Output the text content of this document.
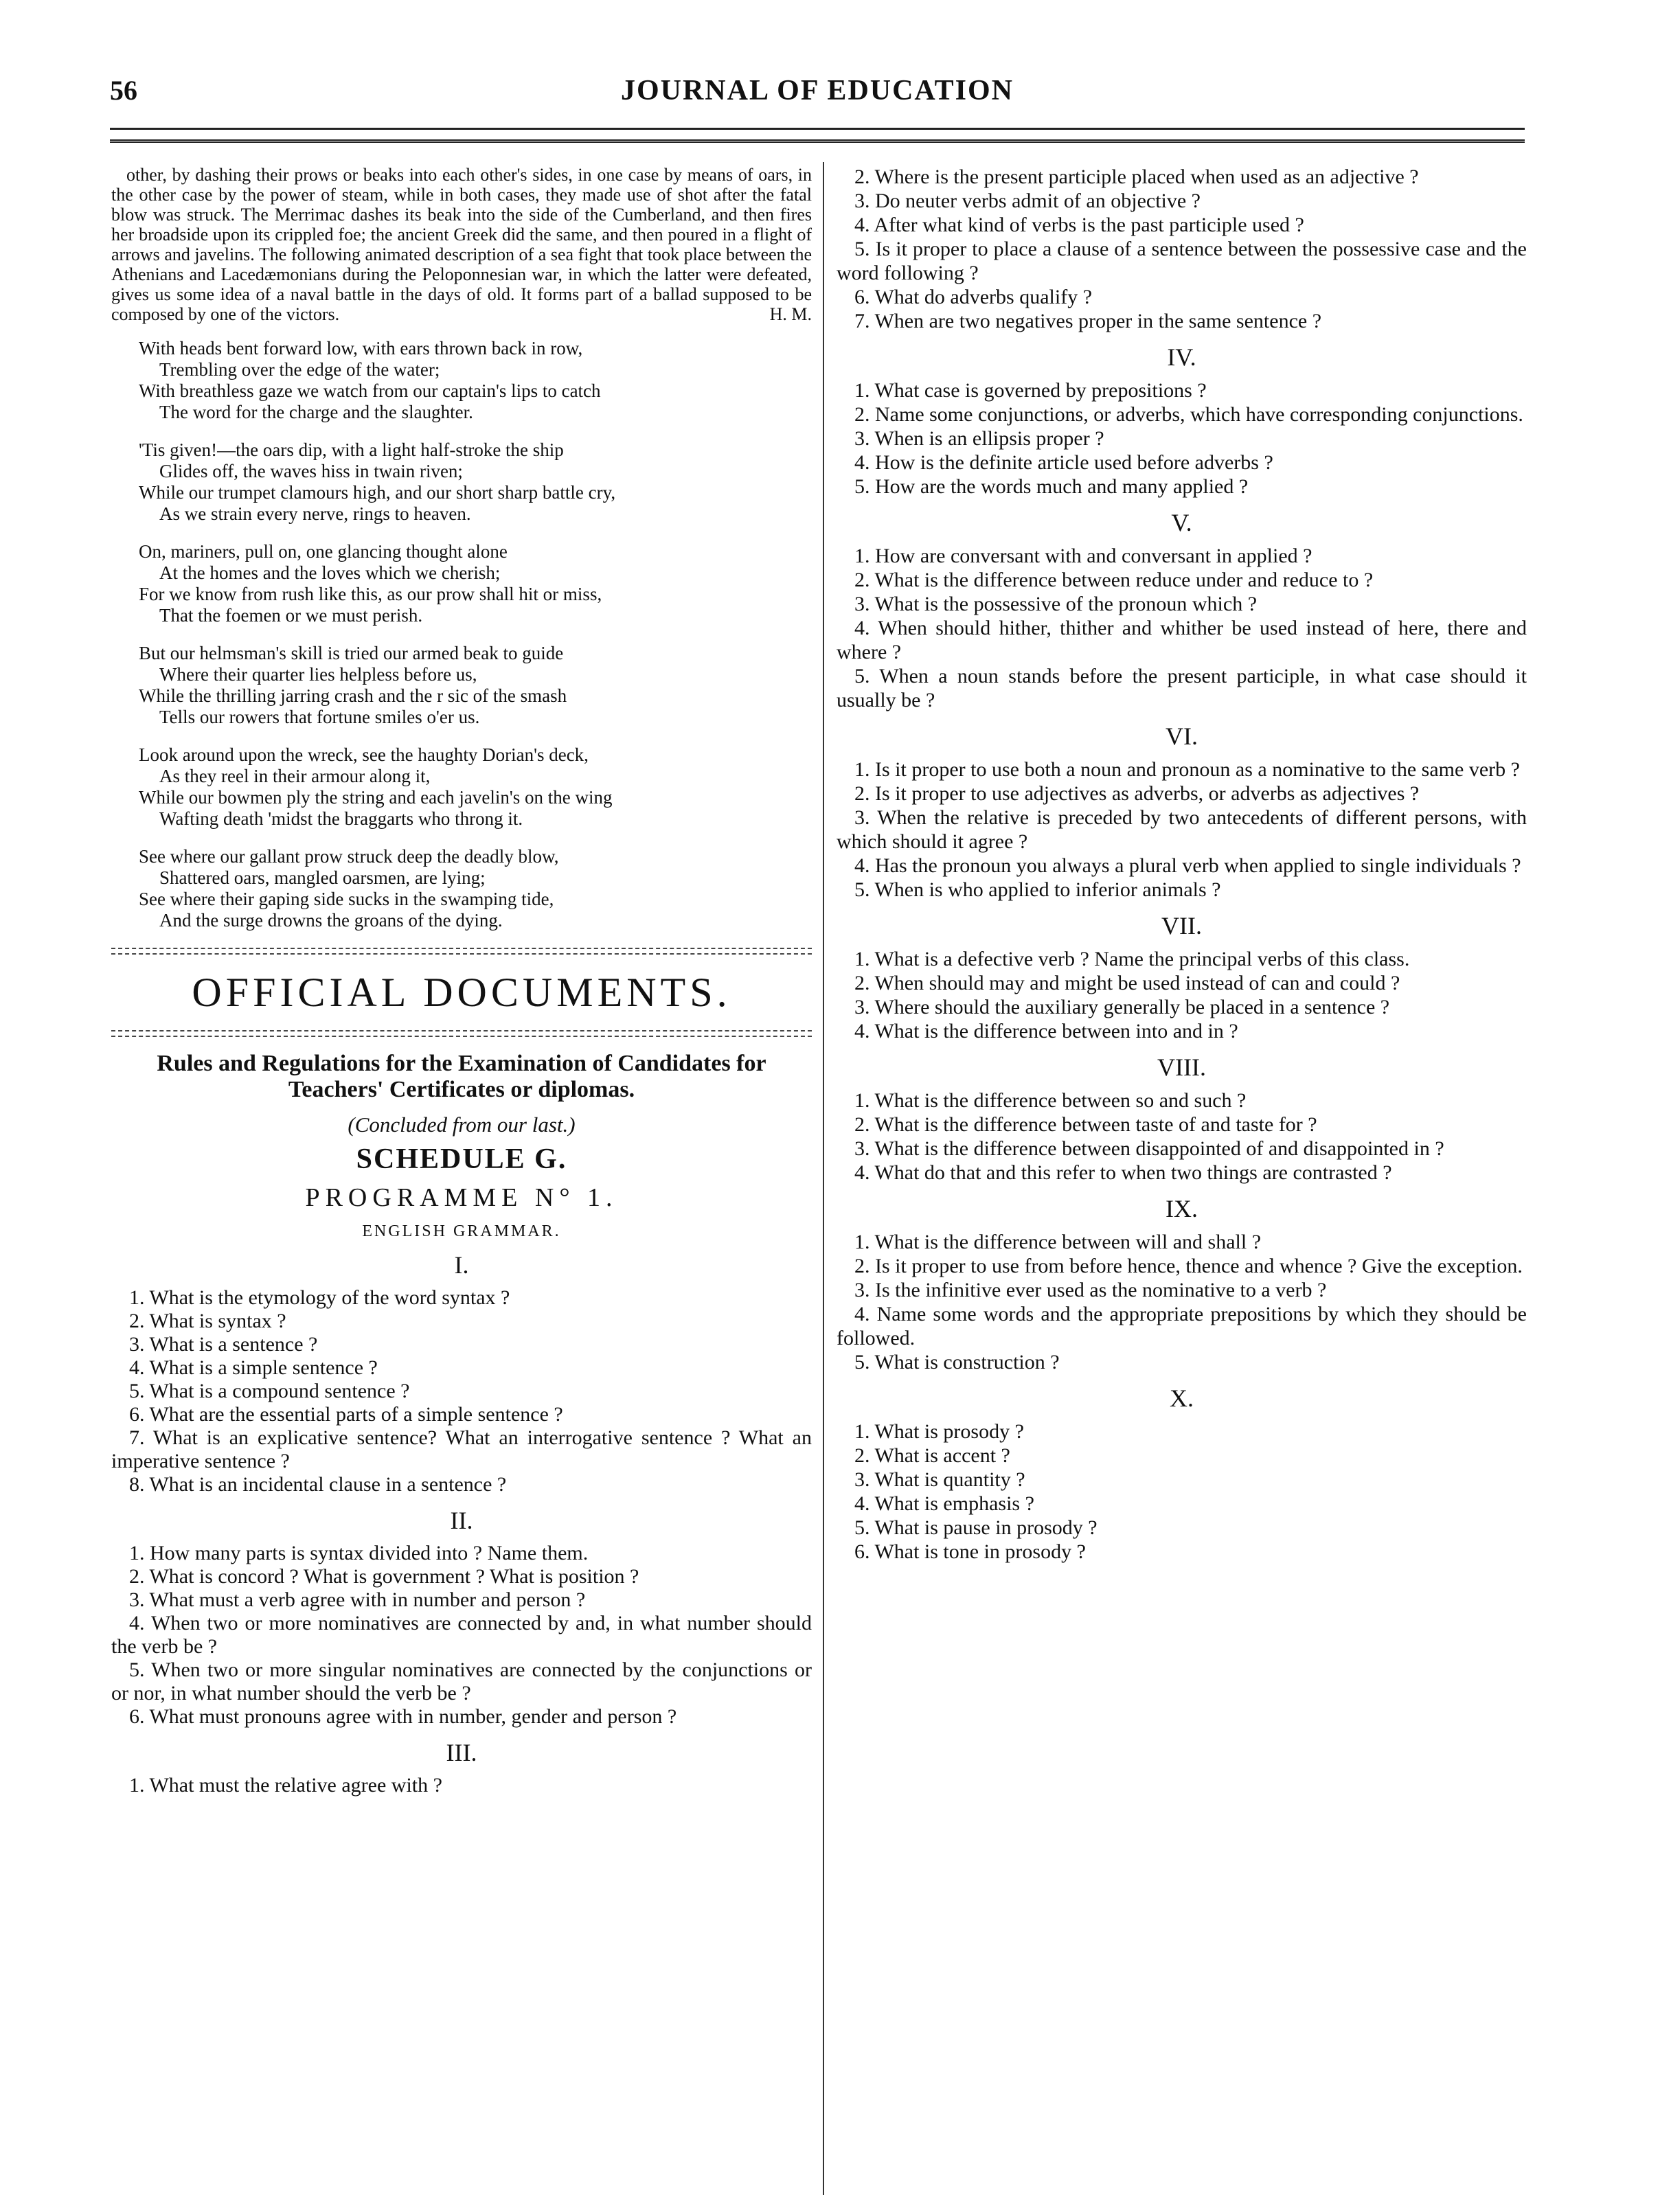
56	JOURNAL OF EDUCATION

other, by dashing their prows or beaks into each other's sides, in one case by means of oars, in the other case by the power of steam, while in both cases, they made use of shot after the fatal blow was struck. The Merrimac dashes its beak into the side of the Cumberland, and then fires her broadside upon its crippled foe; the ancient Greek did the same, and then poured in a flight of arrows and javelins. The following animated description of a sea fight that took place between the Athenians and Lacedæmonians during the Peloponnesian war, in which the latter were defeated, gives us some idea of a naval battle in the days of old. It forms part of a ballad supposed to be composed by one of the victors.	H. M.

With heads bent forward low, with ears thrown back in row,

Trembling over the edge of the water;

With breathless gaze we watch from our captain's lips to catch

The word for the charge and the slaughter.

'Tis given!—the oars dip, with a light half-stroke the ship

Glides off, the waves hiss in twain riven;

While our trumpet clamours high, and our short sharp battle cry,

As we strain every nerve, rings to heaven.

On, mariners, pull on, one glancing thought alone

At the homes and the loves which we cherish;

For we know from rush like this, as our prow shall hit or miss,

That the foemen or we must perish.

But our helmsman's skill is tried our armed beak to guide

Where their quarter lies helpless before us,

While the thrilling jarring crash and the r sic of the smash

Tells our rowers that fortune smiles o'er us.

Look around upon the wreck, see the haughty Dorian's deck,

As they reel in their armour along it,

While our bowmen ply the string and each javelin's on the wing

Wafting death 'midst the braggarts who throng it.

See where our gallant prow struck deep the deadly blow,

Shattered oars, mangled oarsmen, are lying;

See where their gaping side sucks in the swamping tide,

And the surge drowns the groans of the dying.

OFFICIAL DOCUMENTS.
Rules and Regulations for the Examination of Candidates for Teachers' Certificates or diplomas.
(Concluded from our last.)
SCHEDULE G.
PROGRAMME N° 1.
ENGLISH GRAMMAR.
I.

1. What is the etymology of the word syntax ?

2. What is syntax ?

3. What is a sentence ?

4. What is a simple sentence ?

5. What is a compound sentence ?

6. What are the essential parts of a simple sentence ?

7. What is an explicative sentence? What an interrogative sentence ? What an imperative sentence ?

8. What is an incidental clause in a sentence ?

II.

1. How many parts is syntax divided into ? Name them.

2. What is concord ? What is government ? What is position ?

3. What must a verb agree with in number and person ?

4. When two or more nominatives are connected by and, in what number should the verb be ?

5. When two or more singular nominatives are connected by the conjunctions or or nor, in what number should the verb be ?

6. What must pronouns agree with in number, gender and person ?

III.

1. What must the relative agree with ?

2. Where is the present participle placed when used as an adjective ?

3. Do neuter verbs admit of an objective ?

4. After what kind of verbs is the past participle used ?

5. Is it proper to place a clause of a sentence between the possessive case and the word following ?

6. What do adverbs qualify ?

7. When are two negatives proper in the same sentence ?

IV.

1. What case is governed by prepositions ?

2. Name some conjunctions, or adverbs, which have corresponding conjunctions.

3. When is an ellipsis proper ?

4. How is the definite article used before adverbs ?

5. How are the words much and many applied ?

V.

1. How are conversant with and conversant in applied ?

2. What is the difference between reduce under and reduce to ?

3. What is the possessive of the pronoun which ?

4. When should hither, thither and whither be used instead of here, there and where ?

5. When a noun stands before the present participle, in what case should it usually be ?

VI.

1. Is it proper to use both a noun and pronoun as a nominative to the same verb ?

2. Is it proper to use adjectives as adverbs, or adverbs as adjectives ?

3. When the relative is preceded by two antecedents of different persons, with which should it agree ?

4. Has the pronoun you always a plural verb when applied to single individuals ?

5. When is who applied to inferior animals ?

VII.

1. What is a defective verb ? Name the principal verbs of this class.

2. When should may and might be used instead of can and could ?

3. Where should the auxiliary generally be placed in a sentence ?

4. What is the difference between into and in ?

VIII.

1. What is the difference between so and such ?

2. What is the difference between taste of and taste for ?

3. What is the difference between disappointed of and disappointed in ?

4. What do that and this refer to when two things are contrasted ?

IX.

1. What is the difference between will and shall ?

2. Is it proper to use from before hence, thence and whence ? Give the exception.

3. Is the infinitive ever used as the nominative to a verb ?

4. Name some words and the appropriate prepositions by which they should be followed.

5. What is construction ?

X.

1. What is prosody ?

2. What is accent ?

3. What is quantity ?

4. What is emphasis ?

5. What is pause in prosody ?

6. What is tone in prosody ?
